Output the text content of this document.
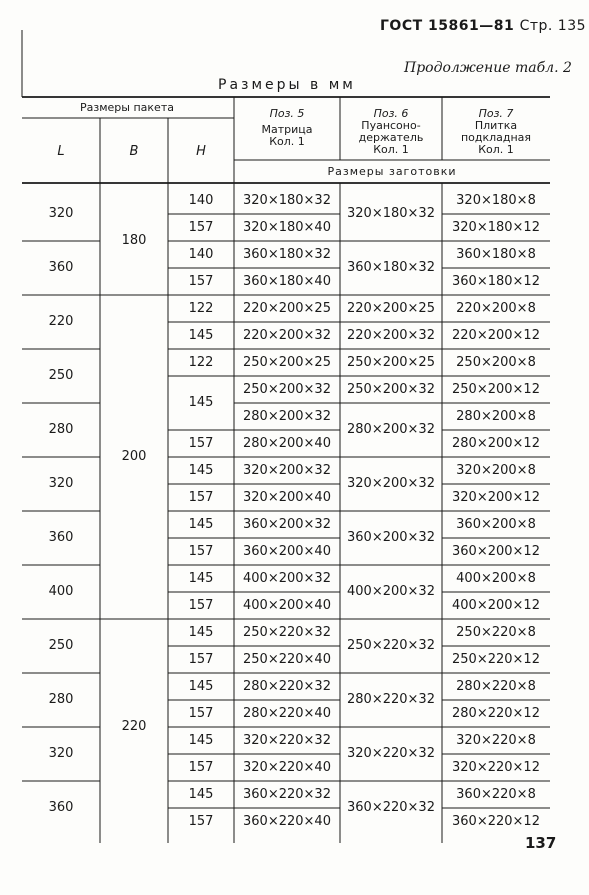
ГОСТ 15861—81 Стр. 135
Продолжение табл. 2
Размеры в мм
Размеры пакета
L	B	H
Поз. 5
Матрица
Кол. 1
Поз. 6
Пуансоно-
держатель
Кол. 1
Поз. 7
Плитка
подкладная
Кол. 1
Размеры заготовки
320
360
220
250
280
320
360
400
250
280
320
360
180
200
220
140
157
140
157
122
145
122
145
157
145
157
145
157
145
157
145
157
145
157
145
157
145
157
320×180×32
320×180×40
360×180×32
360×180×40
220×200×25
220×200×32
250×200×25
250×200×32
280×200×32
280×200×40
320×200×32
320×200×40
360×200×32
360×200×40
400×200×32
400×200×40
250×220×32
250×220×40
280×220×32
280×220×40
320×220×32
320×220×40
360×220×32
360×220×40
320×180×32
360×180×32
220×200×25
220×200×32
250×200×25
250×200×32
280×200×32
320×200×32
360×200×32
400×200×32
250×220×32
280×220×32
320×220×32
360×220×32
320×180×8
320×180×12
360×180×8
360×180×12
220×200×8
220×200×12
250×200×8
250×200×12
280×200×8
280×200×12
320×200×8
320×200×12
360×200×8
360×200×12
400×200×8
400×200×12
250×220×8
250×220×12
280×220×8
280×220×12
320×220×8
320×220×12
360×220×8
360×220×12
137
